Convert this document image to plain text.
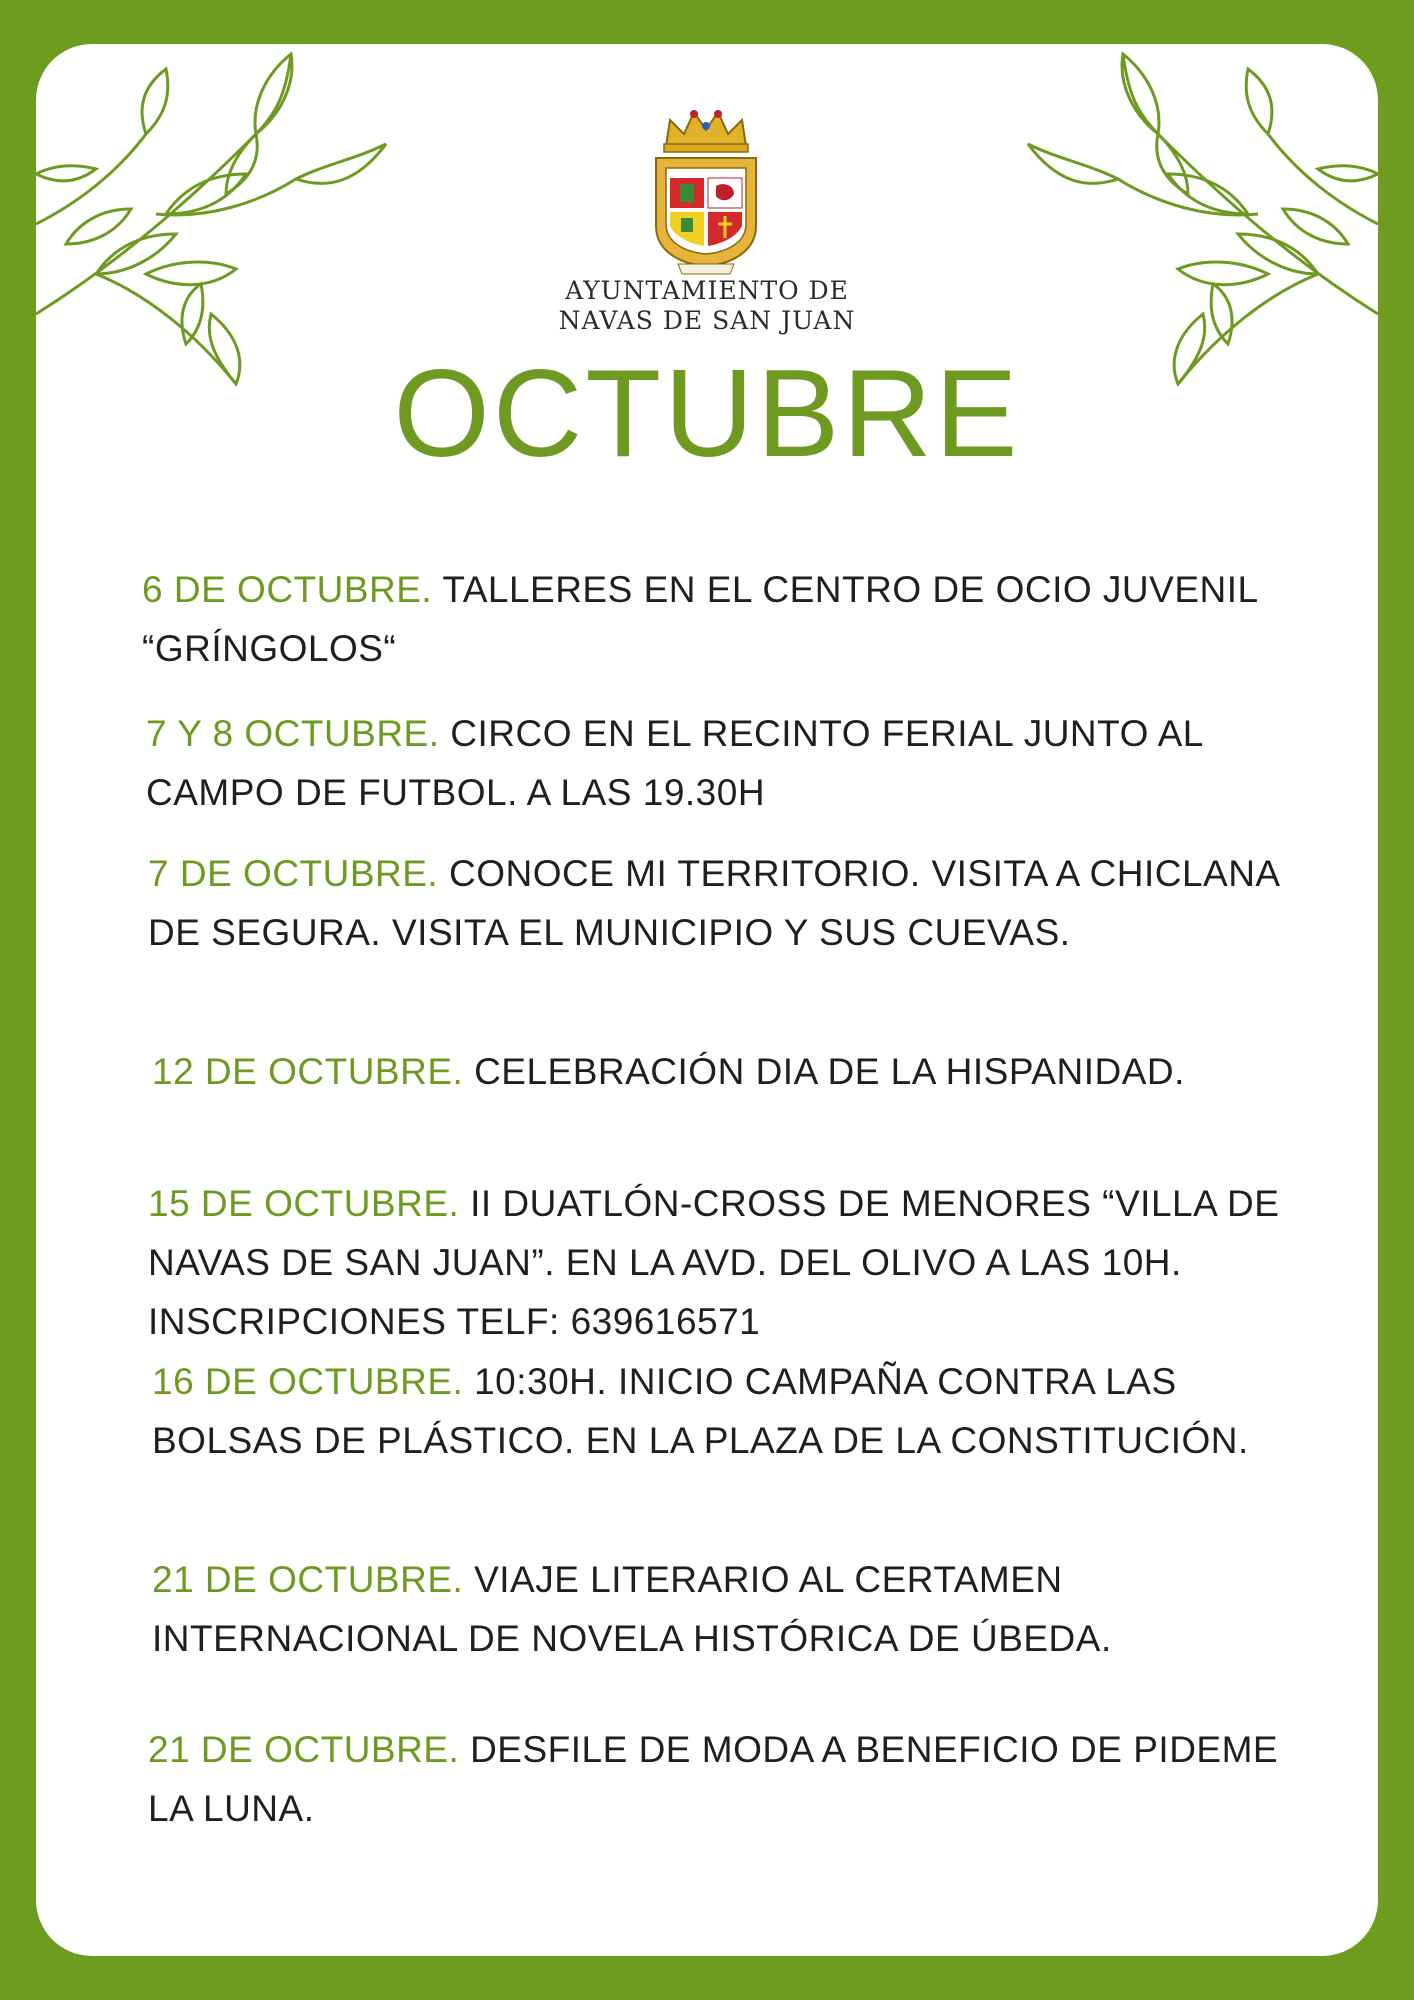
AYUNTAMIENTO DE
NAVAS DE SAN JUAN
OCTUBRE
6 DE OCTUBRE. TALLERES EN EL CENTRO DE OCIO JUVENIL “GRÍNGOLOS“
7 Y 8 OCTUBRE. CIRCO EN EL RECINTO FERIAL JUNTO AL CAMPO DE FUTBOL. A LAS 19.30H
7 DE OCTUBRE. CONOCE MI TERRITORIO. VISITA A CHICLANA DE SEGURA. VISITA EL MUNICIPIO Y SUS CUEVAS.
12 DE OCTUBRE. CELEBRACIÓN DIA DE LA HISPANIDAD.
15 DE OCTUBRE. II DUATLÓN-CROSS DE MENORES “VILLA DE NAVAS DE SAN JUAN”. EN LA AVD. DEL OLIVO A LAS 10H. INSCRIPCIONES TELF: 639616571
16 DE OCTUBRE. 10:30H. INICIO CAMPAÑA CONTRA LAS BOLSAS DE PLÁSTICO. EN LA PLAZA DE LA CONSTITUCIÓN.
21 DE OCTUBRE. VIAJE LITERARIO AL CERTAMEN INTERNACIONAL DE NOVELA HISTÓRICA DE ÚBEDA.
21 DE OCTUBRE. DESFILE DE MODA A BENEFICIO DE PIDEME LA LUNA.
